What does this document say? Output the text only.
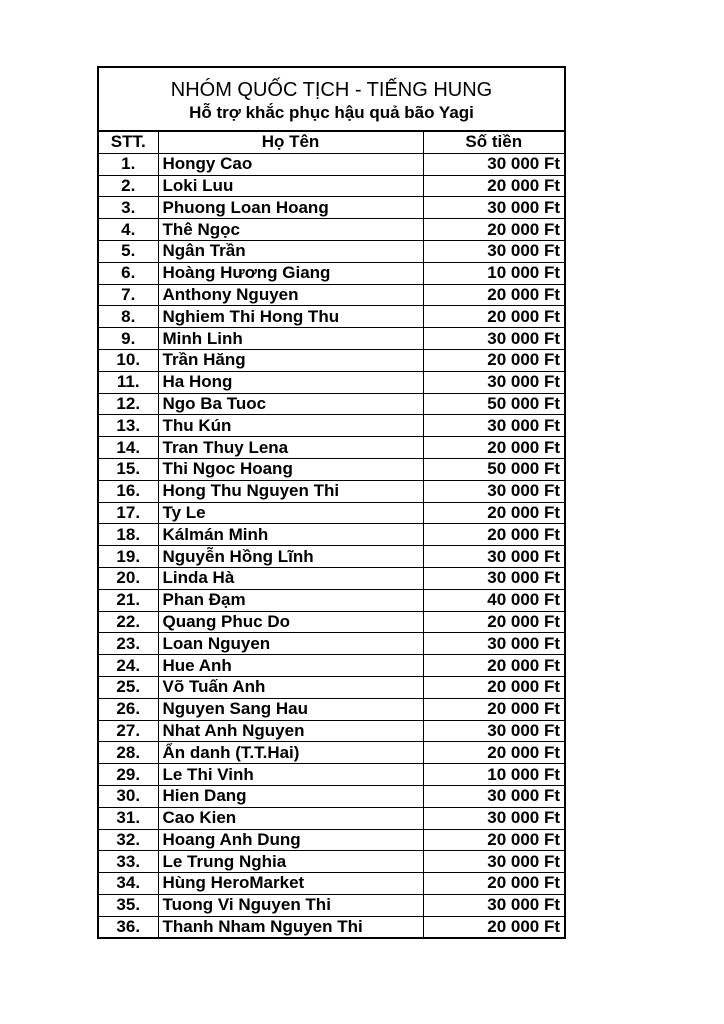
NHÓM QUỐC TỊCH - TIẾNG HUNG
Hỗ trợ khắc phục hậu quả bão Yagi
STT.	Họ Tên	Số tiền
1.	Hongy Cao	30 000 Ft
2.	Loki Luu	20 000 Ft
3.	Phuong Loan Hoang	30 000 Ft
4.	Thê Ngọc	20 000 Ft
5.	Ngân Trần	30 000 Ft
6.	Hoàng Hương Giang	10 000 Ft
7.	Anthony Nguyen	20 000 Ft
8.	Nghiem Thi Hong Thu	20 000 Ft
9.	Minh Linh	30 000 Ft
10.	Trần Hăng	20 000 Ft
11.	Ha Hong	30 000 Ft
12.	Ngo Ba Tuoc	50 000 Ft
13.	Thu Kún	30 000 Ft
14.	Tran Thuy Lena	20 000 Ft
15.	Thi Ngoc Hoang	50 000 Ft
16.	Hong Thu Nguyen Thi	30 000 Ft
17.	Ty Le	20 000 Ft
18.	Kálmán Minh	20 000 Ft
19.	Nguyễn Hồng Lĩnh	30 000 Ft
20.	Linda Hà	30 000 Ft
21.	Phan Đạm	40 000 Ft
22.	Quang Phuc Do	20 000 Ft
23.	Loan Nguyen	30 000 Ft
24.	Hue Anh	20 000 Ft
25.	Võ Tuấn Anh	20 000 Ft
26.	Nguyen Sang Hau	20 000 Ft
27.	Nhat Anh Nguyen	30 000 Ft
28.	Ẩn danh (T.T.Hai)	20 000 Ft
29.	Le Thi Vinh	10 000 Ft
30.	Hien Dang	30 000 Ft
31.	Cao Kien	30 000 Ft
32.	Hoang Anh Dung	20 000 Ft
33.	Le Trung Nghia	30 000 Ft
34.	Hùng HeroMarket	20 000 Ft
35.	Tuong Vi Nguyen Thi	30 000 Ft
36.	Thanh Nham Nguyen Thi	20 000 Ft
